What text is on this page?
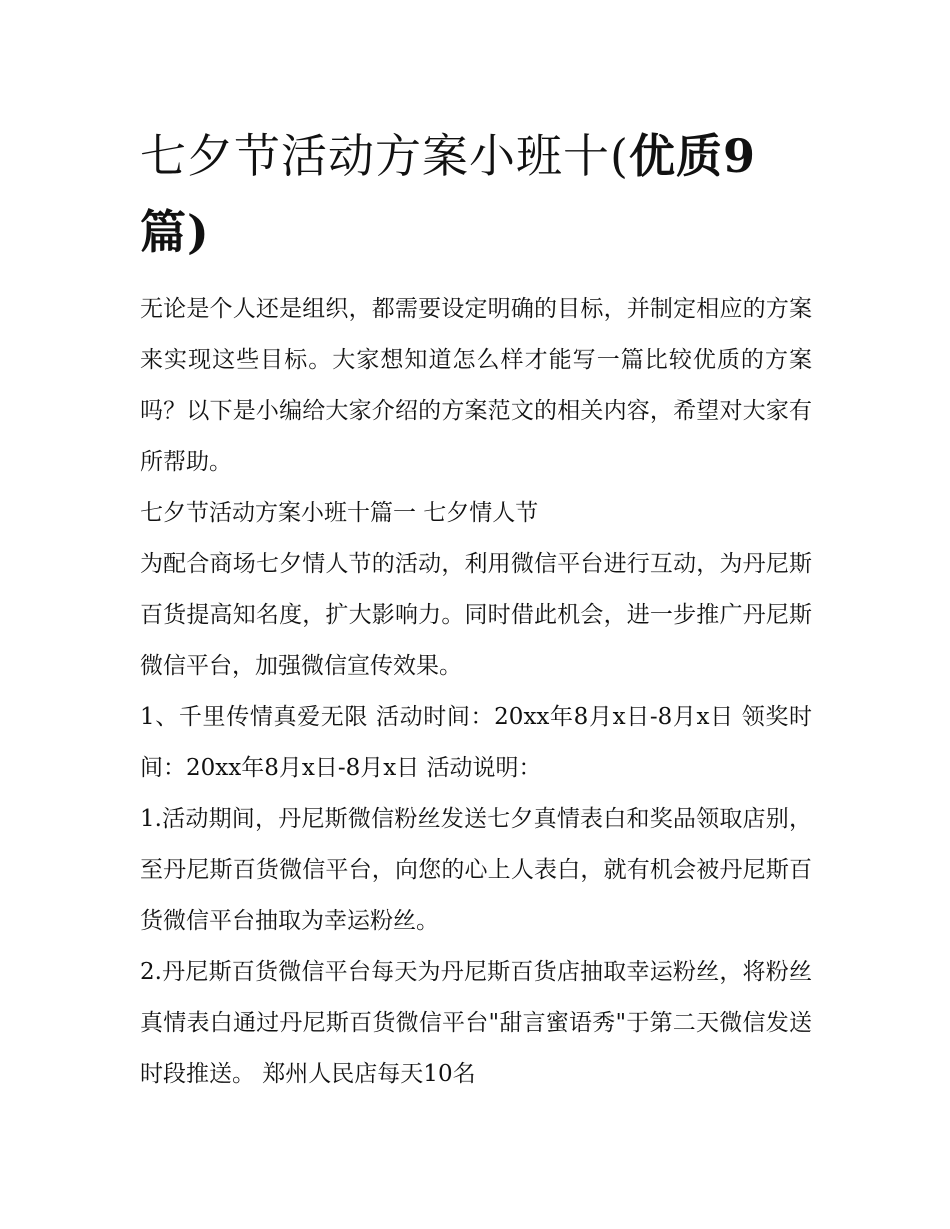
七夕节活动方案小班十(优质9
篇)

无论是个人还是组织，都需要设定明确的目标，并制定相应的方案来实现这些目标。大家想知道怎么样才能写一篇比较优质的方案吗？以下是小编给大家介绍的方案范文的相关内容，希望对大家有所帮助。

七夕节活动方案小班十篇一 七夕情人节

为配合商场七夕情人节的活动，利用微信平台进行互动，为丹尼斯百货提高知名度，扩大影响力。同时借此机会，进一步推广丹尼斯微信平台，加强微信宣传效果。

1、千里传情真爱无限 活动时间：20xx年8月x日-8月x日 领奖时间：20xx年8月x日-8月x日 活动说明：

1.活动期间，丹尼斯微信粉丝发送七夕真情表白和奖品领取店别，至丹尼斯百货微信平台，向您的心上人表白，就有机会被丹尼斯百货微信平台抽取为幸运粉丝。

2.丹尼斯百货微信平台每天为丹尼斯百货店抽取幸运粉丝，将粉丝真情表白通过丹尼斯百货微信平台"甜言蜜语秀"于第二天微信发送时段推送。 郑州人民店每天10名
